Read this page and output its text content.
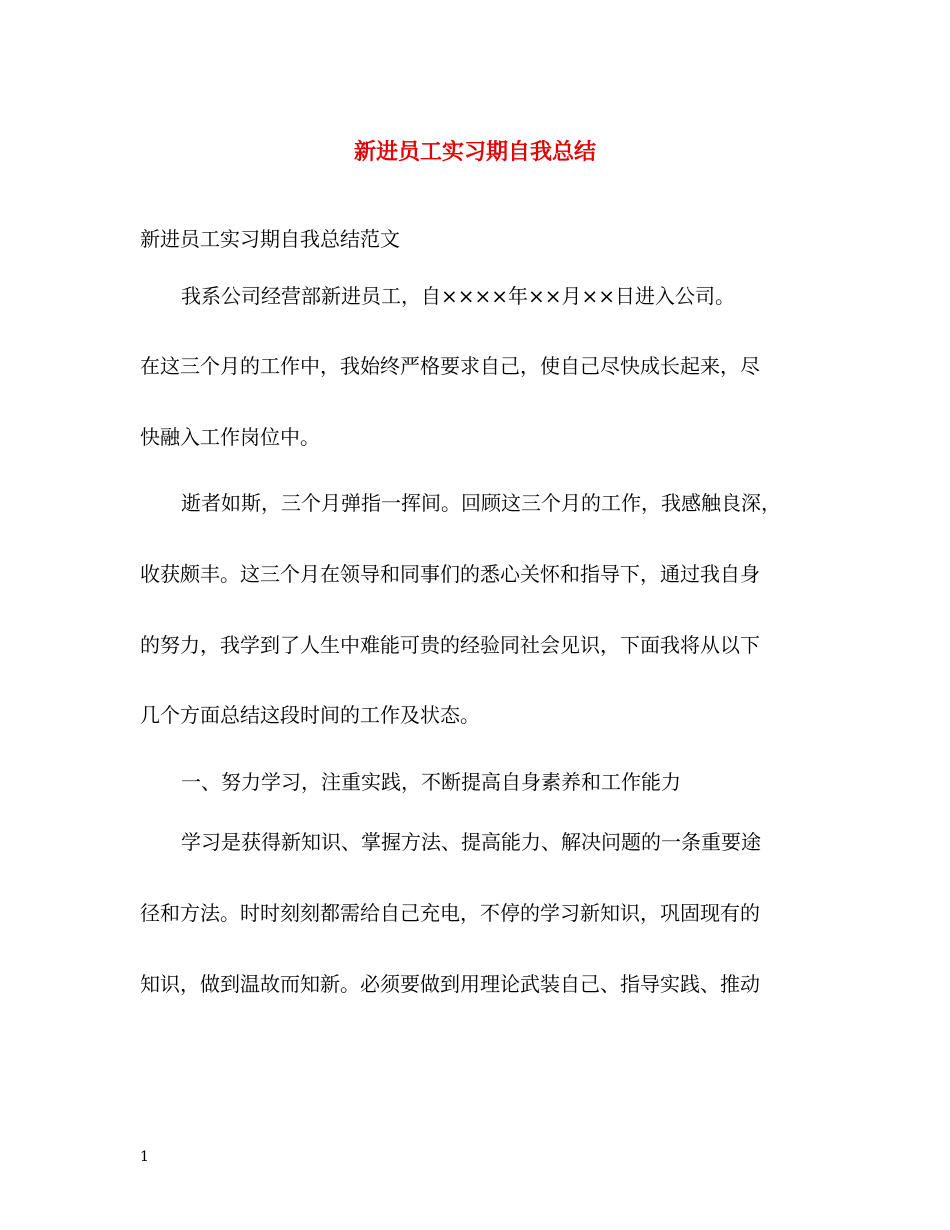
新进员工实习期自我总结
新进员工实习期自我总结范文
我系公司经营部新进员工，自××××年××月××日进入公司。
在这三个月的工作中，我始终严格要求自己，使自己尽快成长起来，尽
快融入工作岗位中。
逝者如斯，三个月弹指一挥间。回顾这三个月的工作，我感触良深，
收获颇丰。这三个月在领导和同事们的悉心关怀和指导下，通过我自身
的努力，我学到了人生中难能可贵的经验同社会见识，下面我将从以下
几个方面总结这段时间的工作及状态。
一、努力学习，注重实践，不断提高自身素养和工作能力
学习是获得新知识、掌握方法、提高能力、解决问题的一条重要途
径和方法。时时刻刻都需给自己充电，不停的学习新知识，巩固现有的
知识，做到温故而知新。必须要做到用理论武装自己、指导实践、推动
1
